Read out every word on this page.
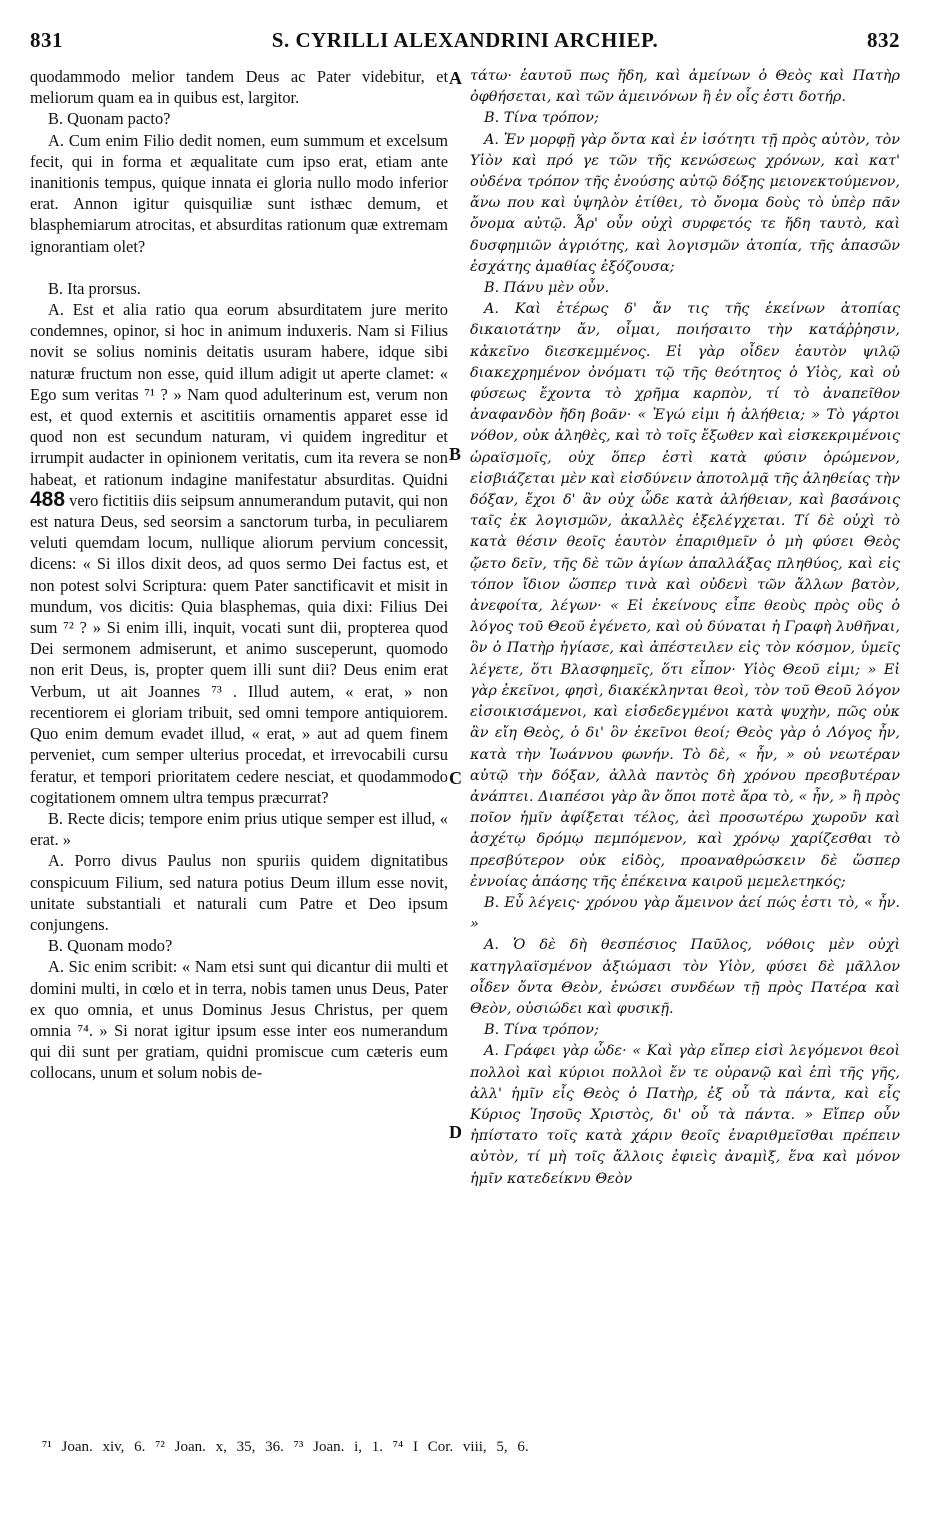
831	S. CYRILLI ALEXANDRINI ARCHIEP.	832
A
B
C
D

quodammodo melior tandem Deus ac Pater videbitur, et meliorum quam ea in quibus est, largitor.

B. Quonam pacto?

A. Cum enim Filio dedit nomen, eum summum et excelsum fecit, qui in forma et æqualitate cum ipso erat, etiam ante inanitionis tempus, quique innata ei gloria nullo modo inferior erat. Annon igitur quisquiliæ sunt isthæc demum, et blasphemiarum atrocitas, et absurditas rationum quæ extremam ignorantiam olet?

B. Ita prorsus.

A. Est et alia ratio qua eorum absurditatem jure merito condemnes, opinor, si hoc in animum induxeris. Nam si Filius novit se solius nominis deitatis usuram habere, idque sibi naturæ fructum non esse, quid illum adigit ut aperte clamet: « Ego sum veritas ⁷¹ ? » Nam quod adulterinum est, verum non est, et quod externis et ascititiis ornamentis apparet esse id quod non est secundum naturam, vi quidem ingreditur et irrumpit audacter in opinionem veritatis, cum ita revera se non habeat, et rationum indagine manifestatur absurditas. Quidni 488 vero fictitiis diis seipsum annumerandum putavit, qui non est natura Deus, sed seorsim a sanctorum turba, in peculiarem veluti quemdam locum, nullique aliorum pervium concessit, dicens: « Si illos dixit deos, ad quos sermo Dei factus est, et non potest solvi Scriptura: quem Pater sanctificavit et misit in mundum, vos dicitis: Quia blasphemas, quia dixi: Filius Dei sum ⁷² ? » Si enim illi, inquit, vocati sunt dii, propterea quod Dei sermonem admiserunt, et animo susceperunt, quomodo non erit Deus, is, propter quem illi sunt dii? Deus enim erat Verbum, ut ait Joannes ⁷³ . Illud autem, « erat, » non recentiorem ei gloriam tribuit, sed omni tempore antiquiorem. Quo enim demum evadet illud, « erat, » aut ad quem finem perveniet, cum semper ulterius procedat, et irrevocabili cursu feratur, et tempori prioritatem cedere nesciat, et quodammodo cogitationem omnem ultra tempus præcurrat?

B. Recte dicis; tempore enim prius utique semper est illud, « erat. »

A. Porro divus Paulus non spuriis quidem dignitatibus conspicuum Filium, sed natura potius Deum illum esse novit, unitate substantiali et naturali cum Patre et Deo ipsum conjungens.

B. Quonam modo?

A. Sic enim scribit: « Nam etsi sunt qui dicantur dii multi et domini multi, in cœlo et in terra, nobis tamen unus Deus, Pater ex quo omnia, et unus Dominus Jesus Christus, per quem omnia ⁷⁴. » Si norat igitur ipsum esse inter eos numerandum qui dii sunt per gratiam, quidni promiscue cum cæteris eum collocans, unum et solum nobis de-

τάτω· ἑαυτοῦ πως ἤδη, καὶ ἀμείνων ὁ Θεὸς καὶ Πατὴρ ὀφθήσεται, καὶ τῶν ἀμεινόνων ἢ ἐν οἷς ἐστι δοτήρ.

Β. Τίνα τρόπον;

Α. Ἐν μορφῇ γὰρ ὄντα καὶ ἐν ἰσότητι τῇ πρὸς αὐτὸν, τὸν Υἱὸν καὶ πρό γε τῶν τῆς κενώσεως χρόνων, καὶ κατ' οὐδένα τρόπον τῆς ἐνούσης αὐτῷ δόξης μειονεκτούμενον, ἄνω που καὶ ὑψηλὸν ἐτίθει, τὸ ὄνομα δοὺς τὸ ὑπὲρ πᾶν ὄνομα αὐτῷ. Ἆρ' οὖν οὐχὶ συρφετός τε ἤδη ταυτὸ, καὶ δυσφημιῶν ἀγριότης, καὶ λογισμῶν ἀτοπία, τῆς ἁπασῶν ἐσχάτης ἀμαθίας ἐξόζουσα;

Β. Πάνυ μὲν οὖν.

Α. Καὶ ἑτέρως δ' ἄν τις τῆς ἐκείνων ἀτοπίας δικαιοτάτην ἄν, οἶμαι, ποιήσαιτο τὴν κατάῤῥησιν, κἀκεῖνο διεσκεμμένος. Εἰ γὰρ οἶδεν ἑαυτὸν ψιλῷ διακεχρημένον ὀνόματι τῷ τῆς θεότητος ὁ Υἱὸς, καὶ οὐ φύσεως ἔχοντα τὸ χρῆμα καρπὸν, τί τὸ ἀναπεῖθον ἀναφανδὸν ἤδη βοᾶν· « Ἐγώ εἰμι ἡ ἀλήθεια; » Τὸ γάρτοι νόθον, οὐκ ἀληθὲς, καὶ τὸ τοῖς ἔξωθεν καὶ εἰσκεκριμένοις ὡραϊσμοῖς, οὐχ ὅπερ ἐστὶ κατὰ φύσιν ὁρώμενον, εἰσβιάζεται μὲν καὶ εἰσδύνειν ἀποτολμᾷ τῆς ἀληθείας τὴν δόξαν, ἔχοι δ' ἂν οὐχ ὧδε κατὰ ἀλήθειαν, καὶ βασάνοις ταῖς ἐκ λογισμῶν, ἀκαλλὲς ἐξελέγχεται. Τί δὲ οὐχὶ τὸ κατὰ θέσιν θεοῖς ἑαυτὸν ἐπαριθμεῖν ὁ μὴ φύσει Θεὸς ᾤετο δεῖν, τῆς δὲ τῶν ἁγίων ἀπαλλάξας πληθύος, καὶ εἰς τόπον ἴδιον ὥσπερ τινὰ καὶ οὐδενὶ τῶν ἄλλων βατὸν, ἀνεφοίτα, λέγων· « Εἰ ἐκείνους εἶπε θεοὺς πρὸς οὓς ὁ λόγος τοῦ Θεοῦ ἐγένετο, καὶ οὐ δύναται ἡ Γραφὴ λυθῆναι, ὃν ὁ Πατὴρ ἡγίασε, καὶ ἀπέστειλεν εἰς τὸν κόσμον, ὑμεῖς λέγετε, ὅτι Βλασφημεῖς, ὅτι εἶπον· Υἱὸς Θεοῦ εἰμι; » Εἰ γὰρ ἐκεῖνοι, φησὶ, διακέκληνται θεοὶ, τὸν τοῦ Θεοῦ λόγον εἰσοικισάμενοι, καὶ εἰσδεδεγμένοι κατὰ ψυχὴν, πῶς οὐκ ἂν εἴη Θεὸς, ὁ δι' ὃν ἐκεῖνοι θεοί; Θεὸς γὰρ ὁ Λόγος ἦν, κατὰ τὴν Ἰωάννου φωνήν. Τὸ δὲ, « ἦν, » οὐ νεωτέραν αὐτῷ τὴν δόξαν, ἀλλὰ παντὸς δὴ χρόνου πρεσβυτέραν ἀνάπτει. Διαπέσοι γὰρ ἂν ὅποι ποτὲ ἄρα τὸ, « ἦν, » ἢ πρὸς ποῖον ἡμῖν ἀφίξεται τέλος, ἀεὶ προσωτέρω χωροῦν καὶ ἀσχέτῳ δρόμῳ πεμπόμενον, καὶ χρόνῳ χαρίζεσθαι τὸ πρεσβύτερον οὐκ εἰδὸς, προαναθρώσκειν δὲ ὥσπερ ἐννοίας ἁπάσης τῆς ἐπέκεινα καιροῦ μεμελετηκός;

Β. Εὖ λέγεις· χρόνου γὰρ ἄμεινον ἀεί πώς ἐστι τὸ, « ἦν. »

Α. Ὁ δὲ δὴ θεσπέσιος Παῦλος, νόθοις μὲν οὐχὶ κατηγλαϊσμένον ἀξιώμασι τὸν Υἱὸν, φύσει δὲ μᾶλλον οἶδεν ὄντα Θεὸν, ἑνώσει συνδέων τῇ πρὸς Πατέρα καὶ Θεὸν, οὐσιώδει καὶ φυσικῇ.

Β. Τίνα τρόπον;

Α. Γράφει γὰρ ὧδε· « Καὶ γὰρ εἴπερ εἰσὶ λεγόμενοι θεοὶ πολλοὶ καὶ κύριοι πολλοὶ ἔν τε οὐρανῷ καὶ ἐπὶ τῆς γῆς, ἀλλ' ἡμῖν εἷς Θεὸς ὁ Πατὴρ, ἐξ οὗ τὰ πάντα, καὶ εἷς Κύριος Ἰησοῦς Χριστὸς, δι' οὗ τὰ πάντα. » Εἴπερ οὖν ἠπίστατο τοῖς κατὰ χάριν θεοῖς ἐναριθμεῖσθαι πρέπειν αὐτὸν, τί μὴ τοῖς ἄλλοις ἐφιεὶς ἀναμὶξ, ἕνα καὶ μόνον ἡμῖν κατεδείκνυ Θεὸν

⁷¹ Joan. xiv, 6. ⁷² Joan. x, 35, 36. ⁷³ Joan. i, 1. ⁷⁴ I Cor. viii, 5, 6.
